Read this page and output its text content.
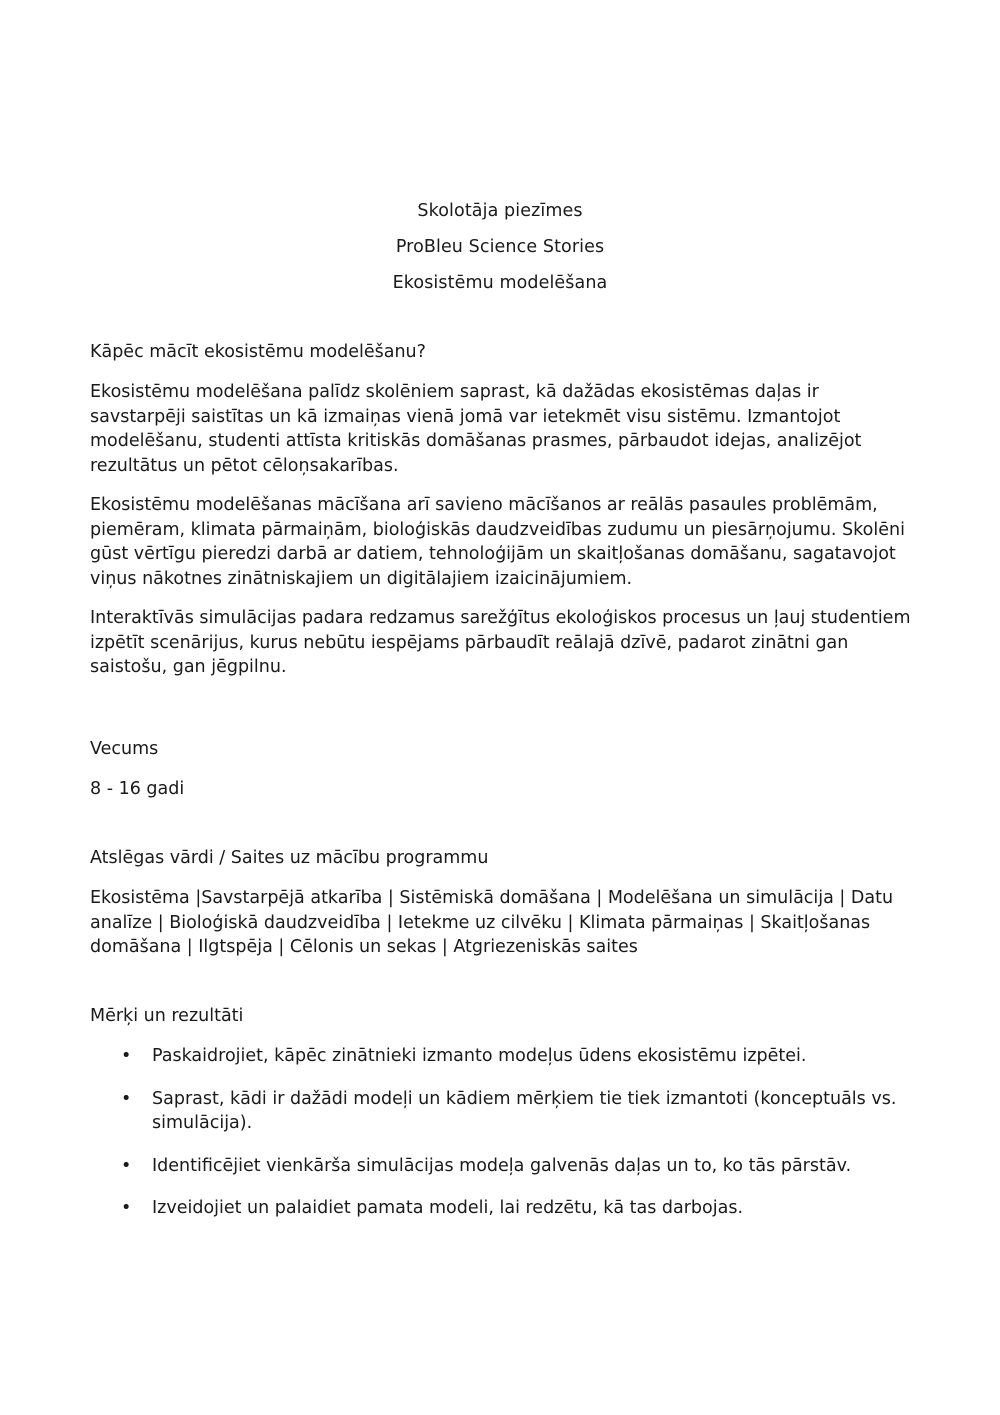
Skolotāja piezīmes
ProBleu Science Stories
Ekosistēmu modelēšana
Kāpēc mācīt ekosistēmu modelēšanu?

Ekosistēmu modelēšana palīdz skolēniem saprast, kā dažādas ekosistēmas daļas ir savstarpēji saistītas un kā izmaiņas vienā jomā var ietekmēt visu sistēmu. Izmantojot modelēšanu, studenti attīsta kritiskās domāšanas prasmes, pārbaudot idejas, analizējot rezultātus un pētot cēloņsakarības.

Ekosistēmu modelēšanas mācīšana arī savieno mācīšanos ar reālās pasaules problēmām, piemēram, klimata pārmaiņām, bioloģiskās daudzveidības zudumu un piesārņojumu. Skolēni gūst vērtīgu pieredzi darbā ar datiem, tehnoloģijām un skaitļošanas domāšanu, sagatavojot viņus nākotnes zinātniskajiem un digitālajiem izaicinājumiem.

Interaktīvās simulācijas padara redzamus sarežģītus ekoloģiskos procesus un ļauj studentiem izpētīt scenārijus, kurus nebūtu iespējams pārbaudīt reālajā dzīvē, padarot zinātni gan saistošu, gan jēgpilnu.

Vecums
8 - 16 gadi
Atslēgas vārdi / Saites uz mācību programmu
Ekosistēma |Savstarpējā atkarība | Sistēmiskā domāšana | Modelēšana un simulācija | Datu analīze | Bioloģiskā daudzveidība | Ietekme uz cilvēku | Klimata pārmaiņas | Skaitļošanas domāšana | Ilgtspēja | Cēlonis un sekas | Atgriezeniskās saites
Mērķi un rezultāti
• Paskaidrojiet, kāpēc zinātnieki izmanto modeļus ūdens ekosistēmu izpētei.
• Saprast, kādi ir dažādi modeļi un kādiem mērķiem tie tiek izmantoti (konceptuāls vs. simulācija).
• Identificējiet vienkārša simulācijas modeļa galvenās daļas un to, ko tās pārstāv.
• Izveidojiet un palaidiet pamata modeli, lai redzētu, kā tas darbojas.
